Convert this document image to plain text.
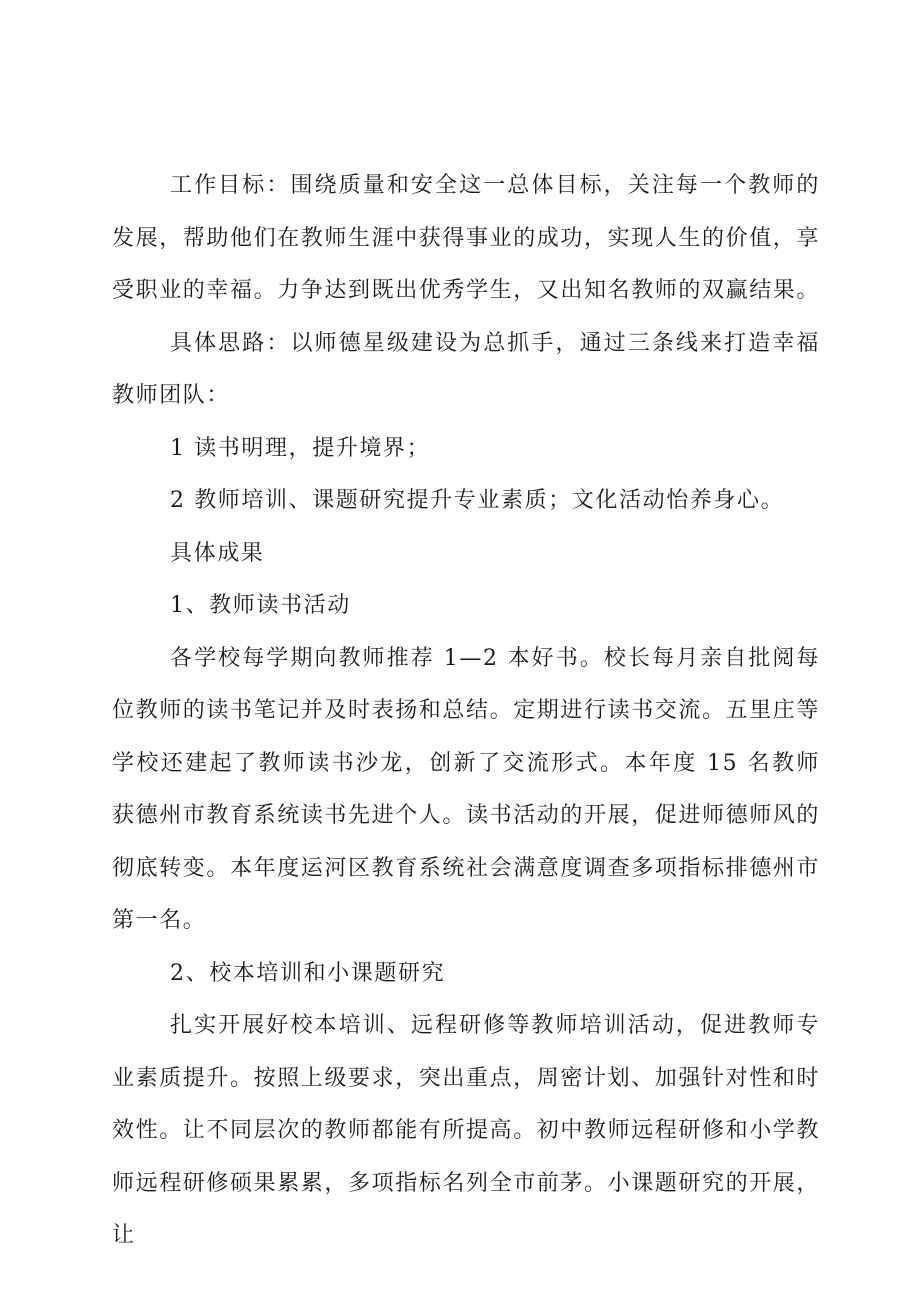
工作目标：围绕质量和安全这一总体目标，关注每一个教师的发展，帮助他们在教师生涯中获得事业的成功，实现人生的价值，享受职业的幸福。力争达到既出优秀学生，又出知名教师的双赢结果。

具体思路：以师德星级建设为总抓手，通过三条线来打造幸福教师团队：

1 读书明理，提升境界；

2 教师培训、课题研究提升专业素质；文化活动怡养身心。

具体成果

1、教师读书活动

各学校每学期向教师推荐 1—2 本好书。校长每月亲自批阅每位教师的读书笔记并及时表扬和总结。定期进行读书交流。五里庄等学校还建起了教师读书沙龙，创新了交流形式。本年度 15 名教师获德州市教育系统读书先进个人。读书活动的开展，促进师德师风的彻底转变。本年度运河区教育系统社会满意度调查多项指标排德州市第一名。

2、校本培训和小课题研究

扎实开展好校本培训、远程研修等教师培训活动，促进教师专业素质提升。按照上级要求，突出重点，周密计划、加强针对性和时效性。让不同层次的教师都能有所提高。初中教师远程研修和小学教师远程研修硕果累累，多项指标名列全市前茅。小课题研究的开展，让
